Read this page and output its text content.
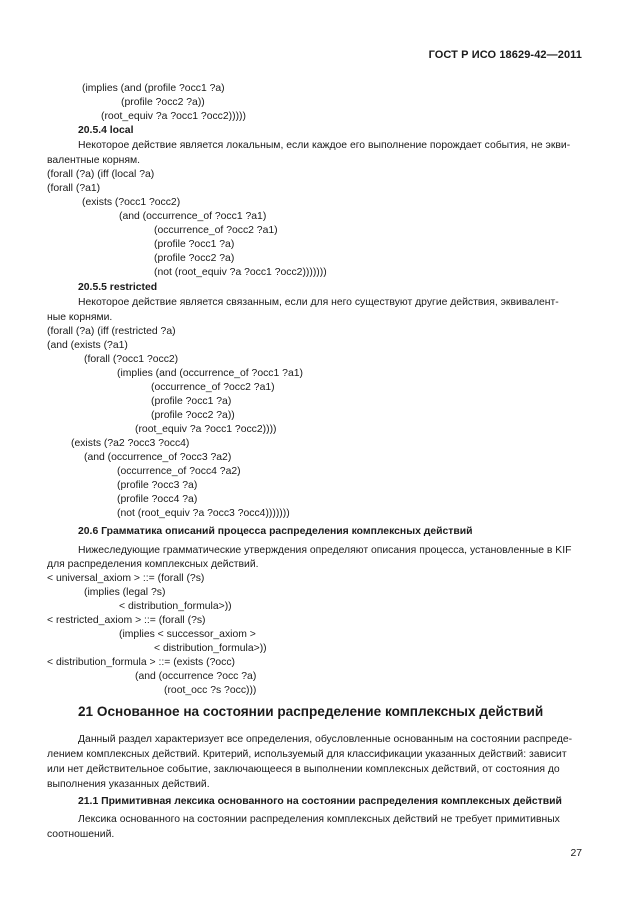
ГОСТ Р ИСО 18629-42—2011
(implies (and (profile ?occ1 ?a)
(profile ?occ2 ?a))
(root_equiv ?a ?occ1 ?occ2)))))
20.5.4 local
Некоторое действие является локальным, если каждое его выполнение порождает события, не экви-
валентные корням.
(forall (?a) (iff (local ?a)
(forall (?a1)
(exists (?occ1 ?occ2)
(and (occurrence_of ?occ1 ?a1)
(occurrence_of ?occ2 ?a1)
(profile ?occ1 ?a)
(profile ?occ2 ?a)
(not (root_equiv ?a ?occ1 ?occ2)))))))
20.5.5 restricted
Некоторое действие является связанным, если для него существуют другие действия, эквивалент-
ные корнями.
(forall (?a) (iff (restricted ?a)
(and (exists (?a1)
(forall (?occ1 ?occ2)
(implies (and (occurrence_of ?occ1 ?a1)
(occurrence_of ?occ2 ?a1)
(profile ?occ1 ?a)
(profile ?occ2 ?a))
(root_equiv ?a ?occ1 ?occ2))))
(exists (?a2 ?occ3 ?occ4)
(and (occurrence_of ?occ3 ?a2)
(occurrence_of ?occ4 ?a2)
(profile ?occ3 ?a)
(profile ?occ4 ?a)
(not (root_equiv ?a ?occ3 ?occ4)))))))
20.6 Грамматика описаний процесса распределения комплексных действий
Нижеследующие грамматические утверждения определяют описания процесса, установленные в KIF
для распределения комплексных действий.
< universal_axiom > ::= (forall (?s)
(implies (legal ?s)
< distribution_formula>))
< restricted_axiom > ::= (forall (?s)
(implies < successor_axiom >
< distribution_formula>))
< distribution_formula > ::= (exists (?occ)
(and (occurrence ?occ ?a)
(root_occ ?s ?occ)))
21 Основанное на состоянии распределение комплексных действий
Данный раздел характеризует все определения, обусловленные основанным на состоянии распреде-
лением комплексных действий. Критерий, используемый для классификации указанных действий: зависит
или нет действительное событие, заключающееся в выполнении комплексных действий, от состояния до
выполнения указанных действий.
21.1 Примитивная лексика основанного на состоянии распределения комплексных действий
Лексика основанного на состоянии распределения комплексных действий не требует примитивных
соотношений.
27
